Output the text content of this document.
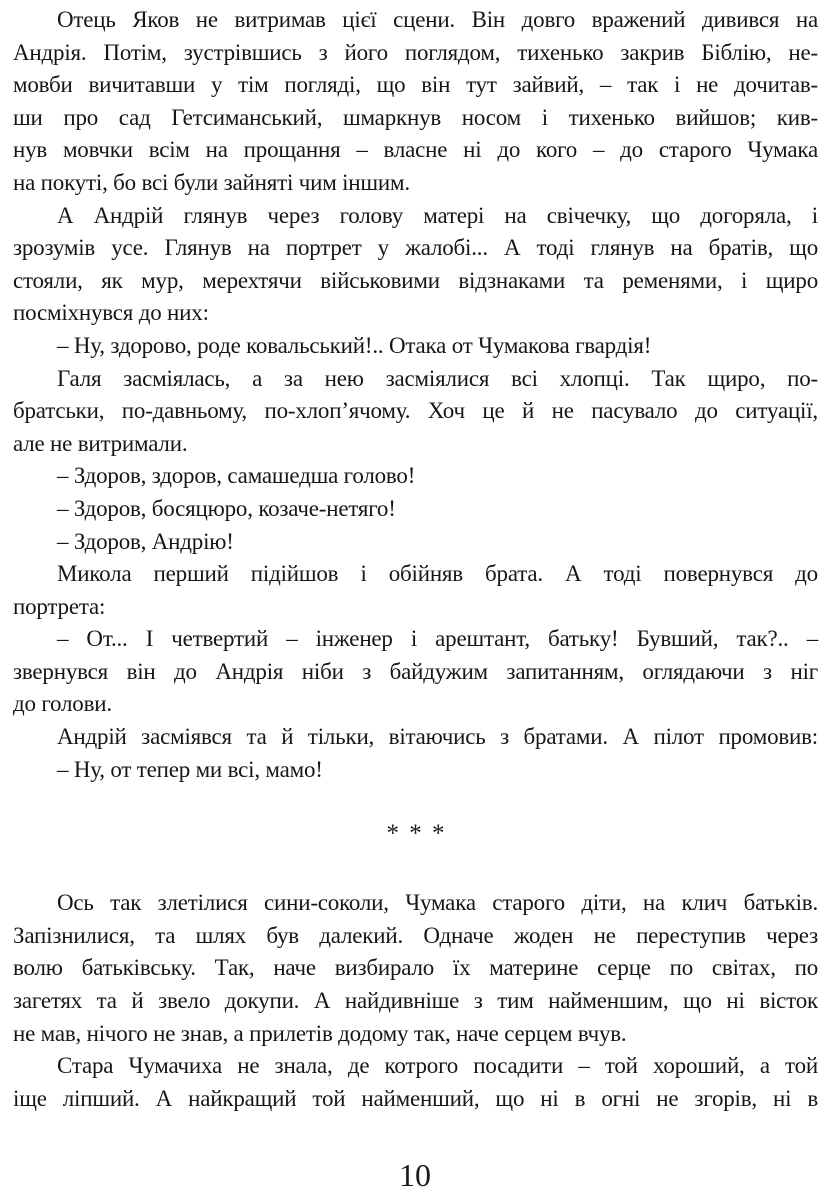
Отець Яков не витримав цієї сцени. Він довго вражений дивився на
Андрія. Потім, зустрівшись з його поглядом, тихенько закрив Біблію, не-
мовби вичитавши у тім погляді, що він тут зайвий, – так і не дочитав-
ши про сад Гетсиманський, шмаркнув носом і тихенько вийшов; кив-
нув мовчки всім на прощання – власне ні до кого – до старого Чумака
на покуті, бо всі були зайняті чим іншим.
А Андрій глянув через голову матері на свічечку, що догоряла, і
зрозумів усе. Глянув на портрет у жалобі... А тоді глянув на братів, що
стояли, як мур, мерехтячи військовими відзнаками та ременями, і щиро
посміхнувся до них:
– Ну, здорово, роде ковальський!.. Отака от Чумакова гвардія!
Галя засміялась, а за нею засміялися всі хлопці. Так щиро, по-
братськи, по-давньому, по-хлоп’ячому. Хоч це й не пасувало до ситуації,
але не витримали.
– Здоров, здоров, самашедша голово!
– Здоров, босяцюро, козаче-нетяго!
– Здоров, Андрію!
Микола перший підійшов і обійняв брата. А тоді повернувся до
портрета:
– От... І четвертий – інженер і арештант, батьку! Бувший, так?.. –
звернувся він до Андрія ніби з байдужим запитанням, оглядаючи з ніг
до голови.
Андрій засміявся та й тільки, вітаючись з братами. А пілот промовив:
– Ну, от тепер ми всі, мамо!
* * *
Ось так злетілися сини-соколи, Чумака старого діти, на клич батьків.
Запізнилися, та шлях був далекий. Одначе жоден не переступив через
волю батьківську. Так, наче визбирало їх материне серце по світах, по
загетях та й звело докупи. А найдивніше з тим найменшим, що ні вісток
не мав, нічого не знав, а прилетів додому так, наче серцем вчув.
Стара Чумачиха не знала, де котрого посадити – той хороший, а той
іще ліпший. А найкращий той найменший, що ні в огні не згорів, ні в
10
